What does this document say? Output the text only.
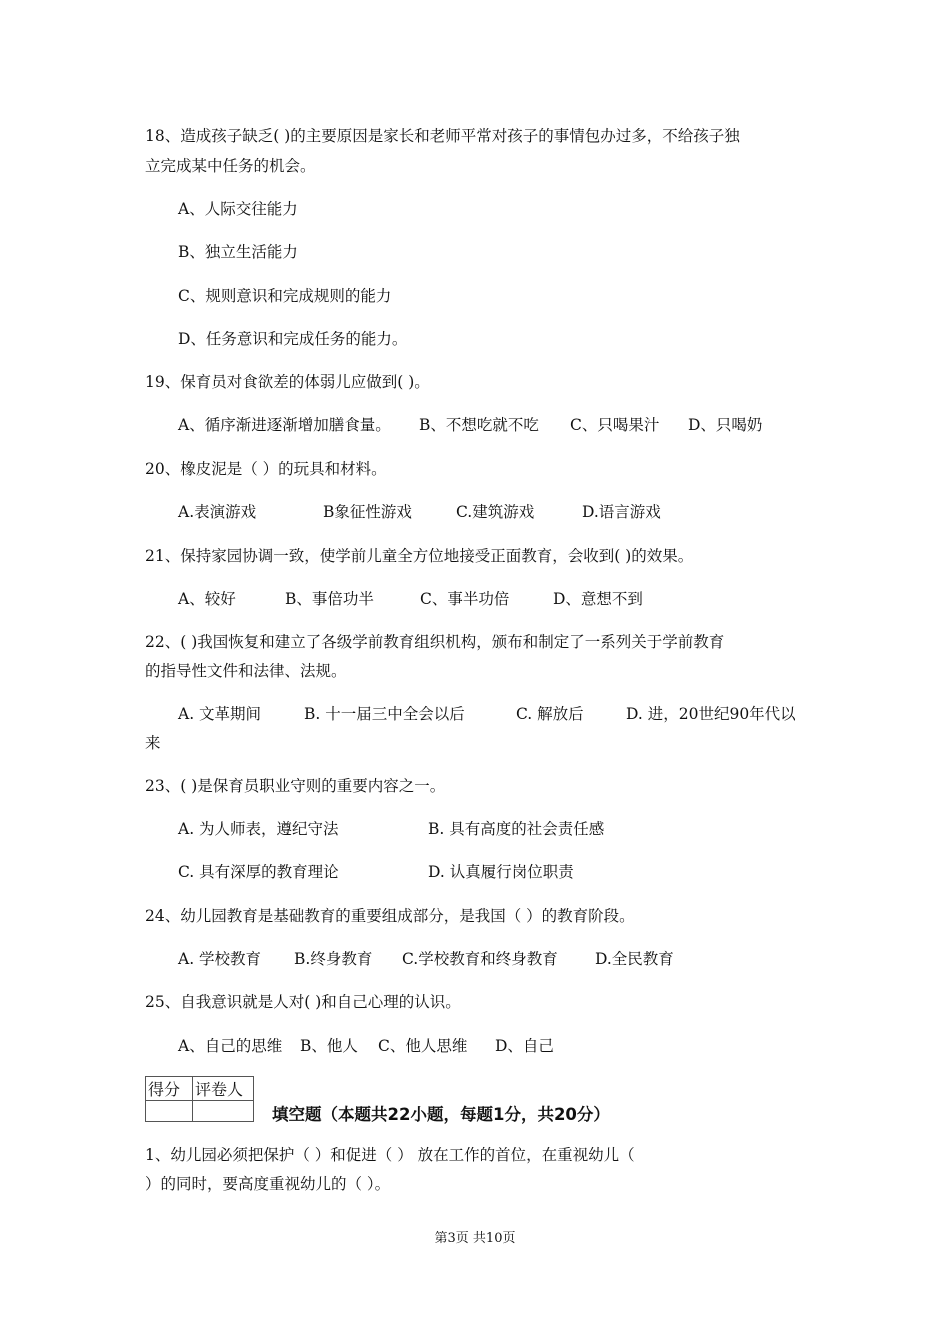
18、造成孩子缺乏( )的主要原因是家长和老师平常对孩子的事情包办过多，不给孩子独
立完成某中任务的机会。
A、人际交往能力
B、独立生活能力
C、规则意识和完成规则的能力
D、任务意识和完成任务的能力。
19、保育员对食欲差的体弱儿应做到( )。
A、循序渐进逐渐增加膳食量。 B、不想吃就不吃 C、只喝果汁 D、只喝奶
20、橡皮泥是（ ）的玩具和材料。
A.表演游戏	B象征性游戏	C.建筑游戏	D.语言游戏
21、保持家园协调一致，使学前儿童全方位地接受正面教育，会收到( )的效果。
A、较好	B、事倍功半	C、事半功倍	D、意想不到
22、( )我国恢复和建立了各级学前教育组织机构，颁布和制定了一系列关于学前教育
的指导性文件和法律、法规。
A. 文革期间	B. 十一届三中全会以后	C. 解放后	D. 进，20世纪90年代以
来
23、( )是保育员职业守则的重要内容之一。
A. 为人师表，遵纪守法	B. 具有高度的社会责任感
C. 具有深厚的教育理论	D. 认真履行岗位职责
24、幼儿园教育是基础教育的重要组成部分，是我国（ ）的教育阶段。
A. 学校教育 B.终身教育 C.学校教育和终身教育 D.全民教育
25、自我意识就是人对( )和自己心理的认识。
A、自己的思维 B、他人 C、他人思维 D、自己
得分	评卷人

填空题（本题共22小题，每题1分，共20分）
1、幼儿园必须把保护（ ）和促进（ ） 放在工作的首位，在重视幼儿（
）的同时，要高度重视幼儿的（ ）。
第3页 共10页
